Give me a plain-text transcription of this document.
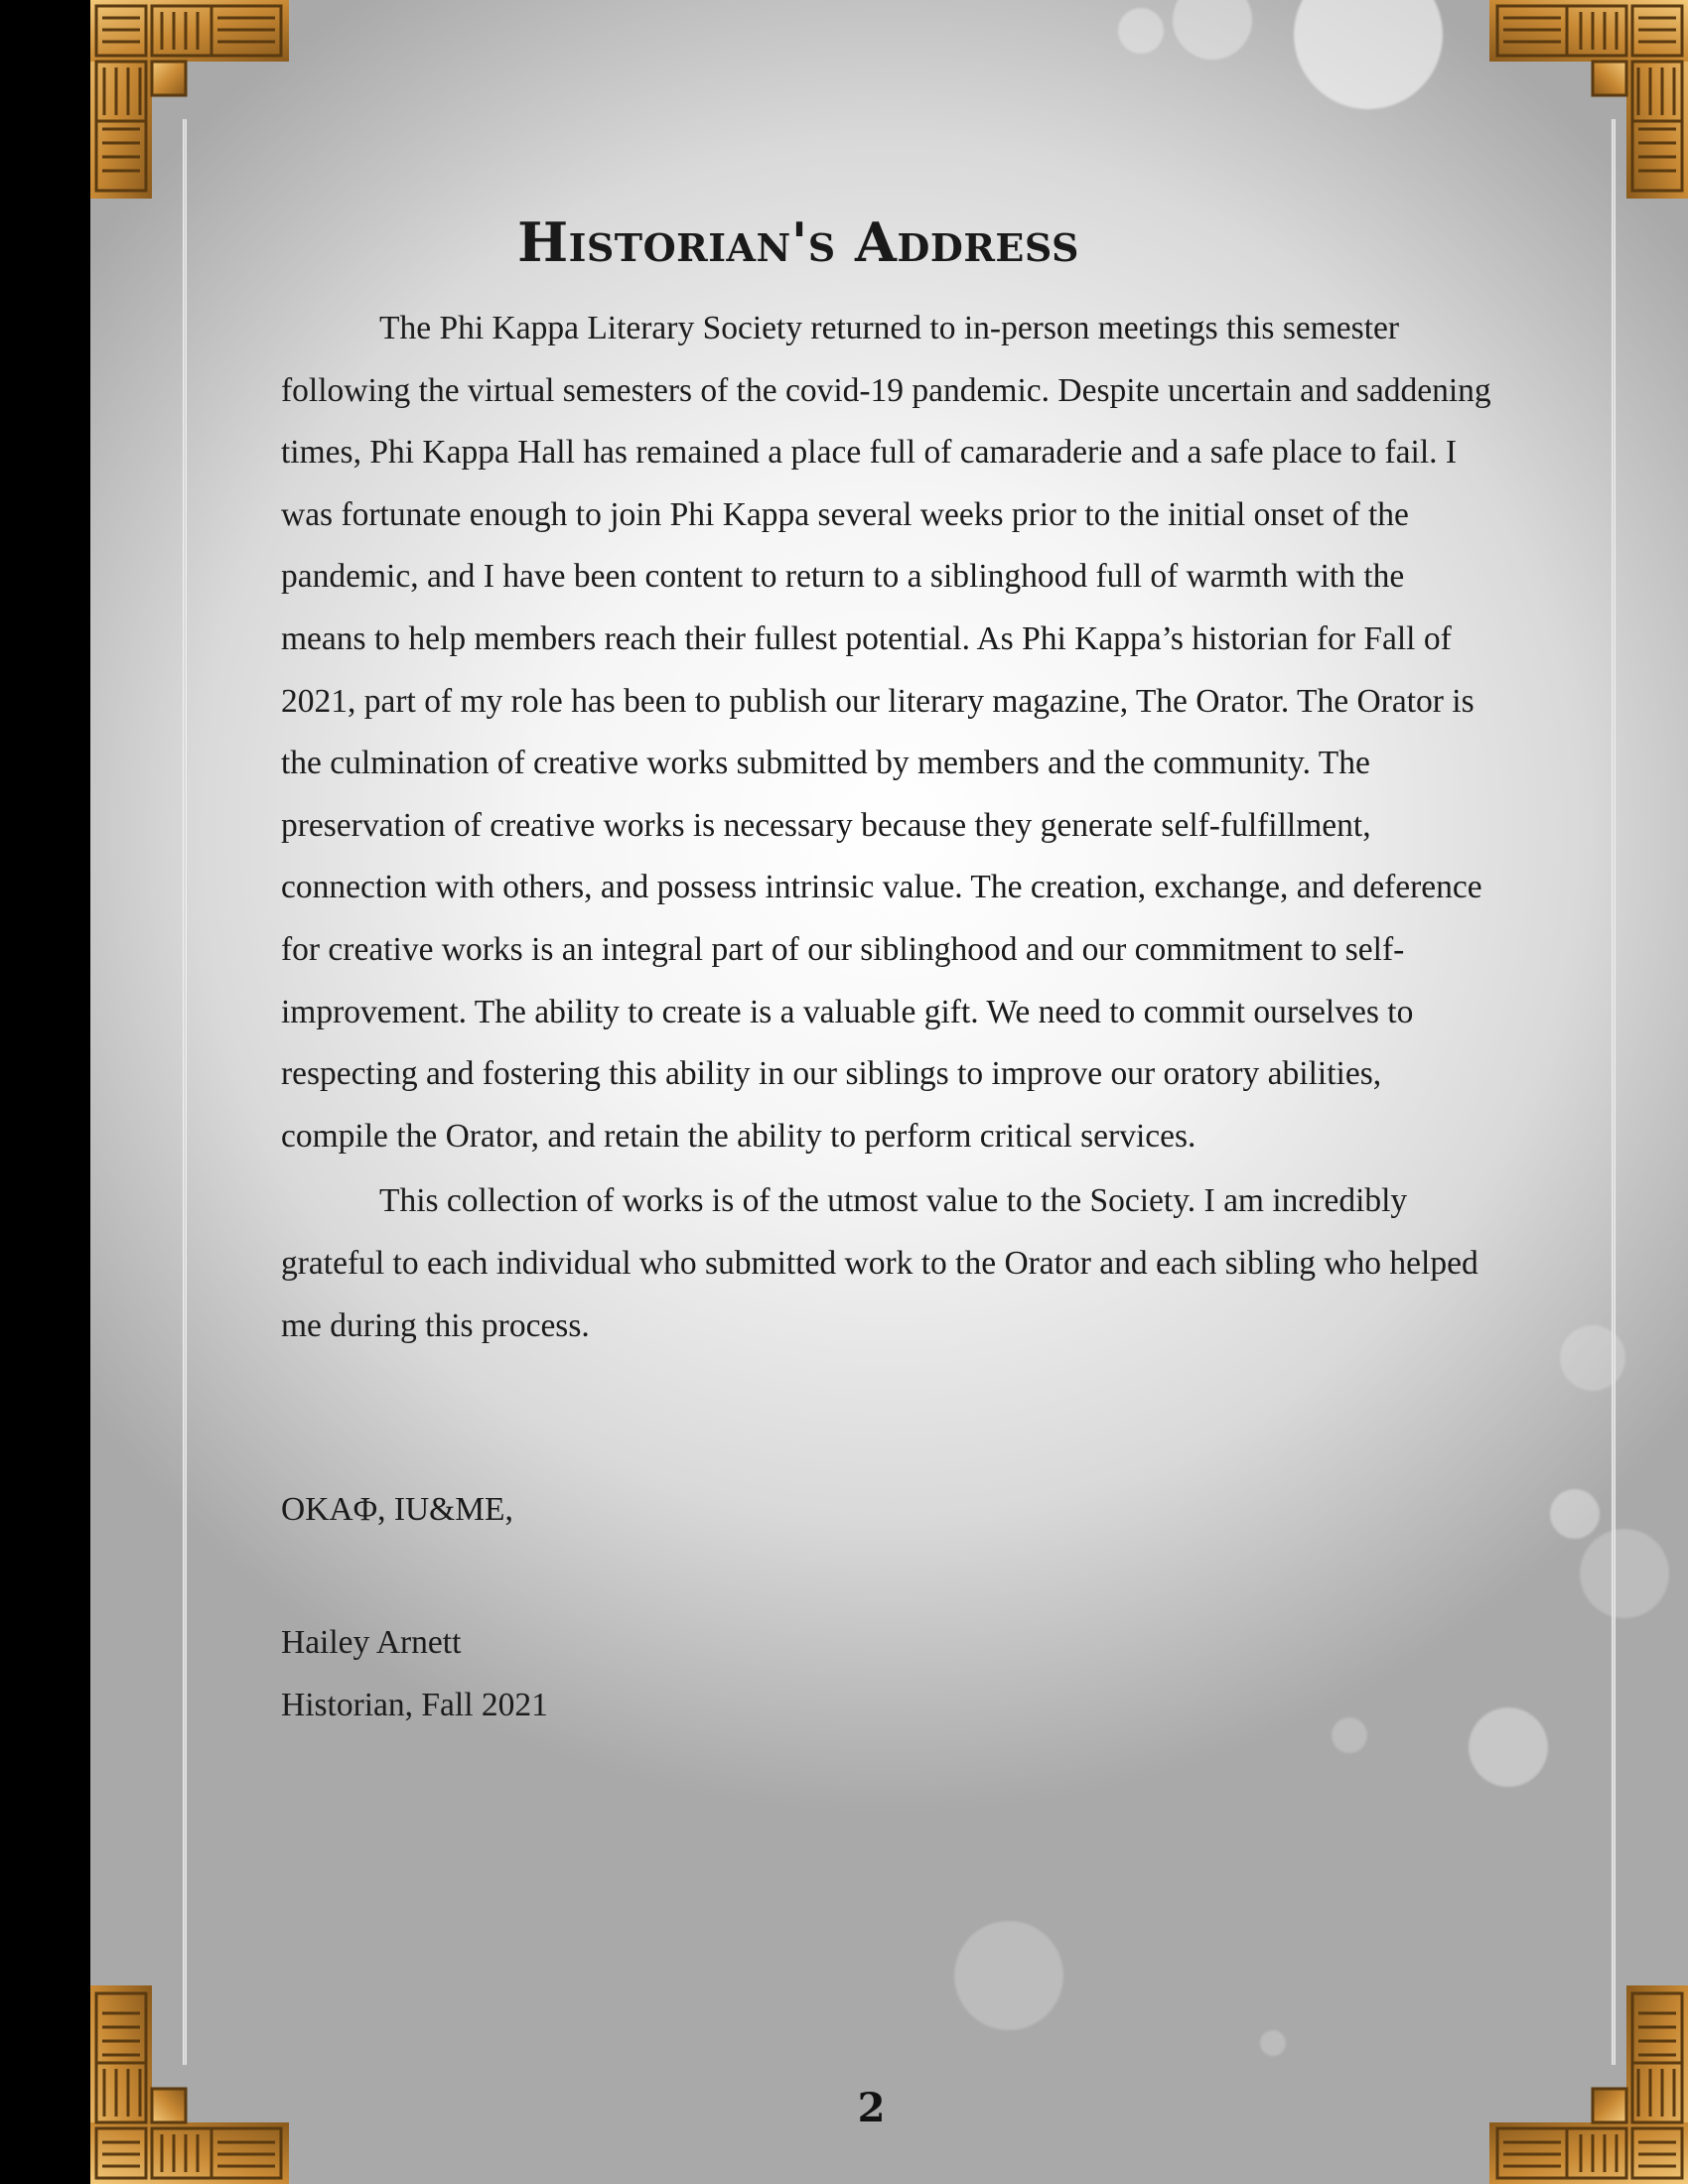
Historian's Address

The Phi Kappa Literary Society returned to in-person meetings this semester following the virtual semesters of the covid-19 pandemic. Despite uncertain and saddening times, Phi Kappa Hall has remained a place full of camaraderie and a safe place to fail. I was fortunate enough to join Phi Kappa several weeks prior to the initial onset of the pandemic, and I have been content to return to a siblinghood full of warmth with the means to help members reach their fullest potential. As Phi Kappa’s historian for Fall of 2021, part of my role has been to publish our literary magazine, The Orator. The Orator is the culmination of creative works submitted by members and the community. The preservation of creative works is necessary because they generate self-fulfillment, connection with others, and possess intrinsic value. The creation, exchange, and deference for creative works is an integral part of our siblinghood and our commitment to self-improvement. The ability to create is a valuable gift. We need to commit ourselves to respecting and fostering this ability in our siblings to improve our oratory abilities, compile the Orator, and retain the ability to perform critical services.

This collection of works is of the utmost value to the Society. I am incredibly grateful to each individual who submitted work to the Orator and each sibling who helped me during this process.

OKAΦ, IU&ME,

Hailey Arnett

Historian, Fall 2021

2
